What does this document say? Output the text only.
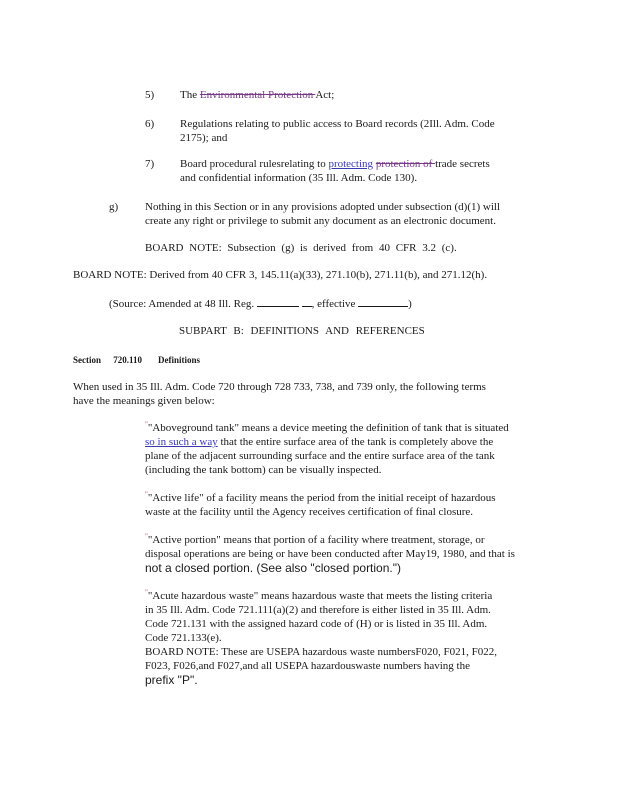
5) The Environmental Protection Act;
6) Regulations relating to public access to Board records (2Ill. Adm. Code
2175); and
7) Board procedural rulesrelating to protecting protection of trade secrets
and confidential information (35 Ill. Adm. Code 130).
g) Nothing in this Section or in any provisions adopted under subsection (d)(1) will
create any right or privilege to submit any document as an electronic document.
BOARD NOTE: Subsection (g) is derived from 40 CFR 3.2 (c).
BOARD NOTE: Derived from 40 CFR 3, 145.11(a)(33), 271.10(b), 271.11(b), and 271.12(h).
(Source: Amended at 48 Ill. Reg.	, effective	)
SUBPART B: DEFINITIONS AND REFERENCES
Section 720.110 Definitions
When used in 35 Ill. Adm. Code 720 through 728 733, 738, and 739 only, the following terms
have the meanings given below:
""Aboveground tank" means a device meeting the definition of tank that is situated
so in such a way that the entire surface area of the tank is completely above the
plane of the adjacent surrounding surface and the entire surface area of the tank
(including the tank bottom) can be visually inspected.
""Active life" of a facility means the period from the initial receipt of hazardous
waste at the facility until the Agency receives certification of final closure.
""Active portion" means that portion of a facility where treatment, storage, or
disposal operations are being or have been conducted after May19, 1980, and that is
not a closed portion. (See also "closed portion.")
""Acute hazardous waste" means hazardous waste that meets the listing criteria
in 35 Ill. Adm. Code 721.111(a)(2) and therefore is either listed in 35 Ill. Adm.
Code 721.131 with the assigned hazard code of (H) or is listed in 35 Ill. Adm.
Code 721.133(e).
BOARD NOTE: These are USEPA hazardous waste numbersF020, F021, F022,
F023, F026,and F027,and all USEPA hazardouswaste numbers having the
prefix "P".
